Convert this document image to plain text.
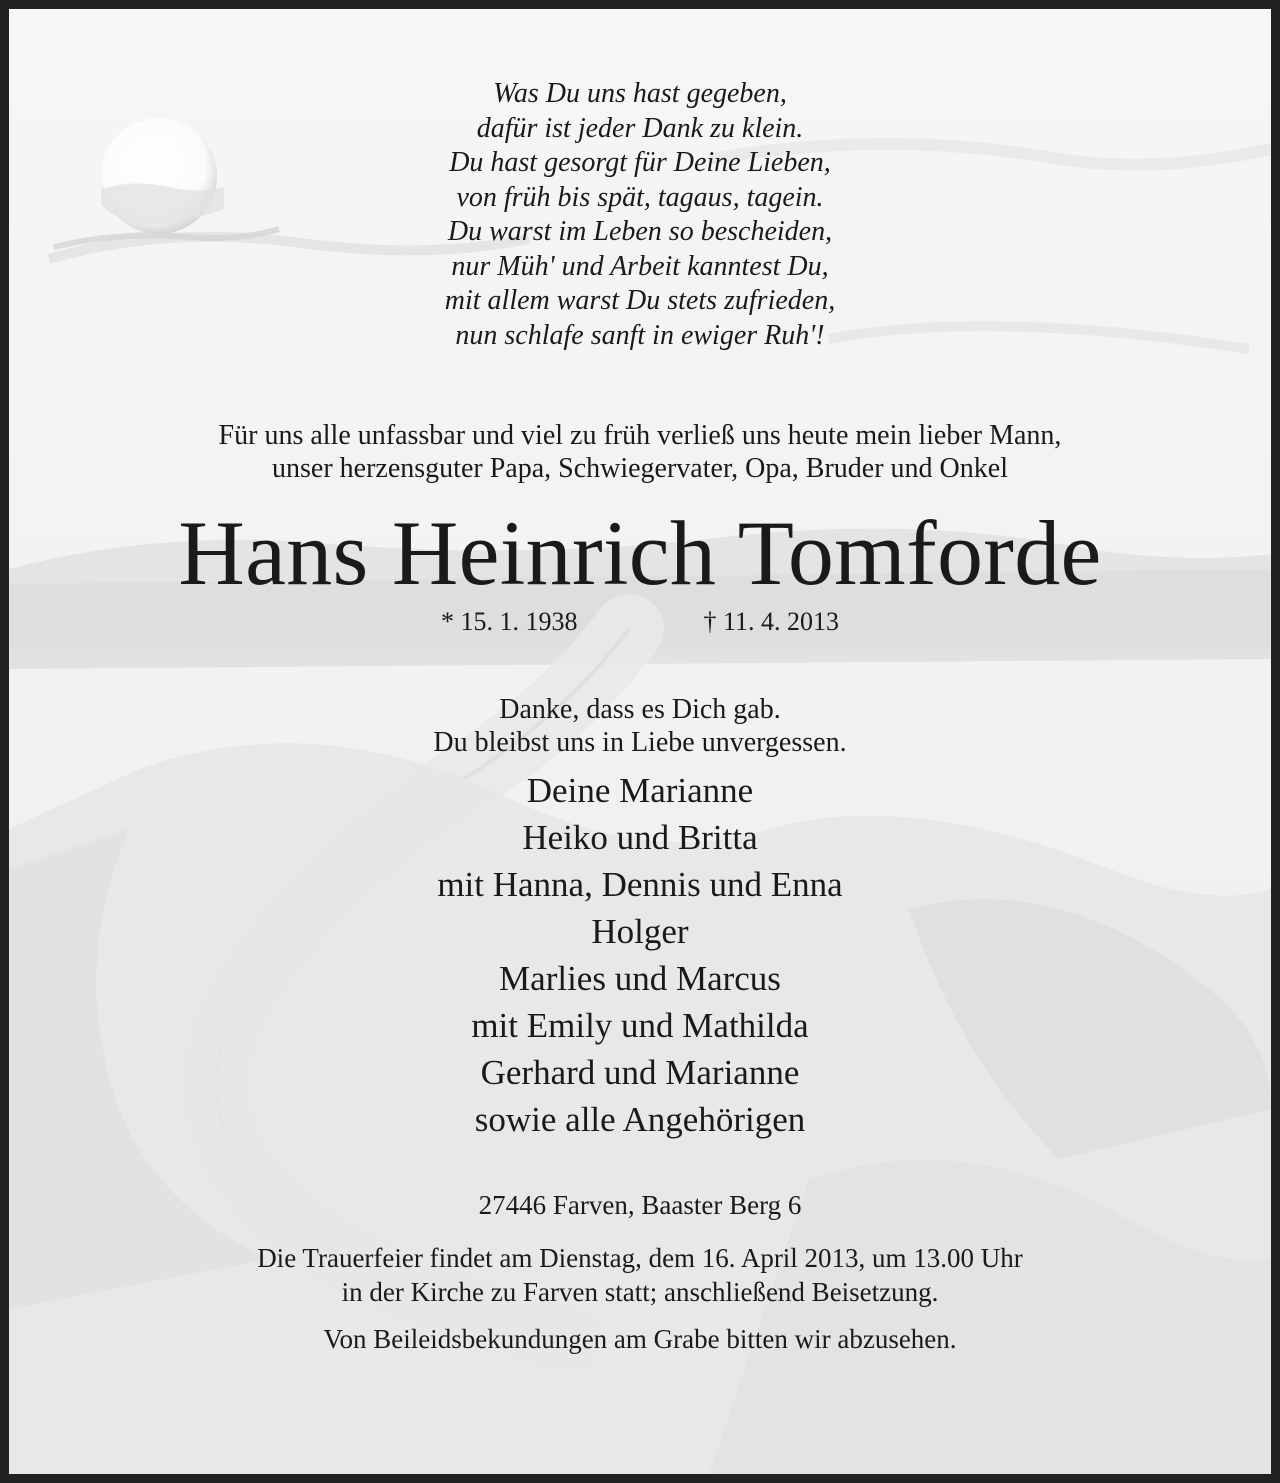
Was Du uns hast gegeben,
dafür ist jeder Dank zu klein.
Du hast gesorgt für Deine Lieben,
von früh bis spät, tagaus, tagein.
Du warst im Leben so bescheiden,
nur Müh' und Arbeit kanntest Du,
mit allem warst Du stets zufrieden,
nun schlafe sanft in ewiger Ruh'!
Für uns alle unfassbar und viel zu früh verließ uns heute mein lieber Mann,
unser herzensguter Papa, Schwiegervater, Opa, Bruder und Onkel
Hans Heinrich Tomforde
* 15. 1. 1938	† 11. 4. 2013
Danke, dass es Dich gab.
Du bleibst uns in Liebe unvergessen.
Deine Marianne
Heiko und Britta
mit Hanna, Dennis und Enna
Holger
Marlies und Marcus
mit Emily und Mathilda
Gerhard und Marianne
sowie alle Angehörigen
27446 Farven, Baaster Berg 6
Die Trauerfeier findet am Dienstag, dem 16. April 2013, um 13.00 Uhr
in der Kirche zu Farven statt; anschließend Beisetzung.
Von Beileidsbekundungen am Grabe bitten wir abzusehen.
